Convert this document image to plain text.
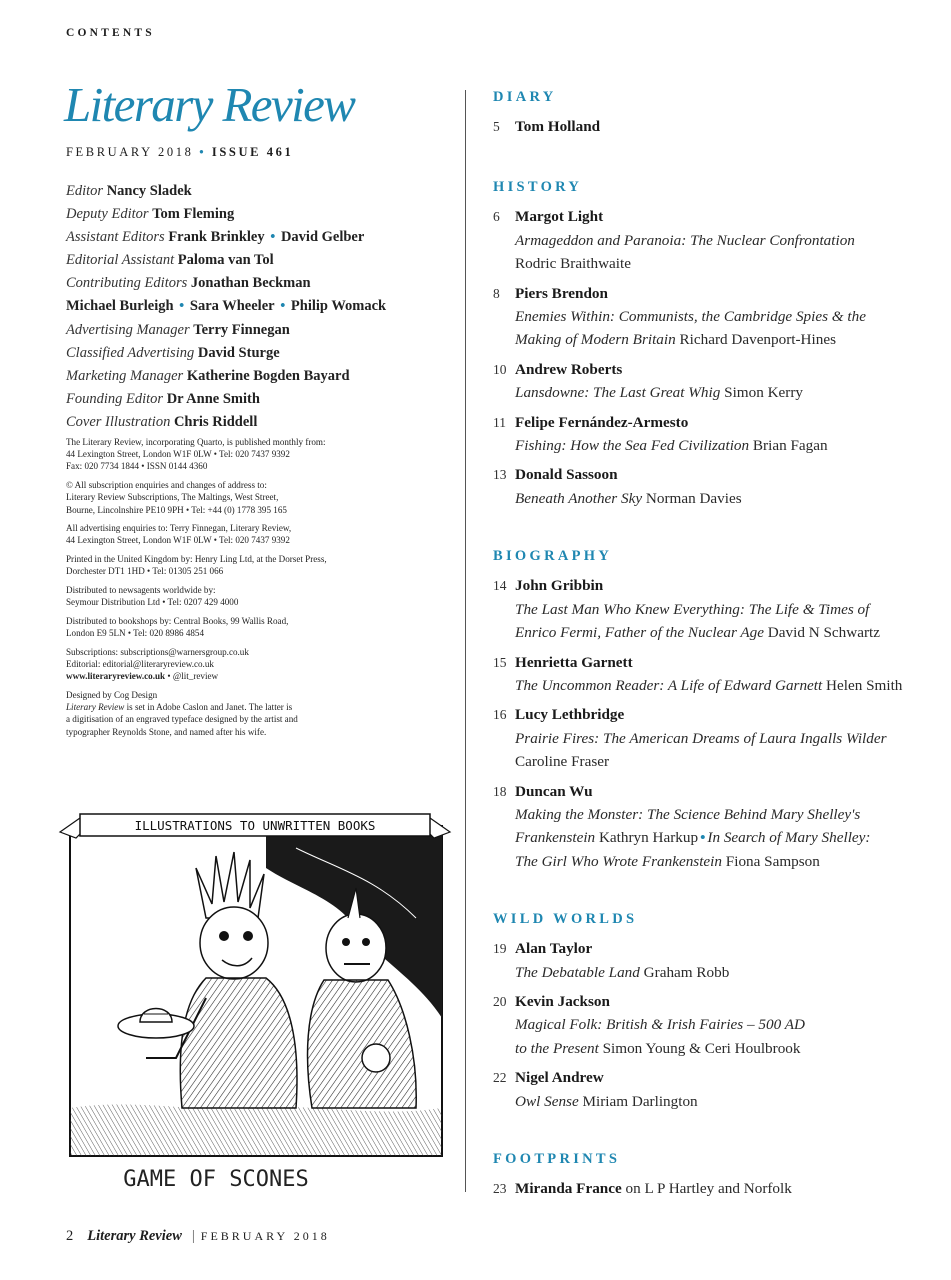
CONTENTS
Literary Review
FEBRUARY 2018 • ISSUE 461
Editor Nancy Sladek
Deputy Editor Tom Fleming
Assistant Editors Frank Brinkley • David Gelber
Editorial Assistant Paloma van Tol
Contributing Editors Jonathan Beckman
Michael Burleigh • Sara Wheeler • Philip Womack
Advertising Manager Terry Finnegan
Classified Advertising David Sturge
Marketing Manager Katherine Bogden Bayard
Founding Editor Dr Anne Smith
Cover Illustration Chris Riddell

The Literary Review, incorporating Quarto, is published monthly from:
44 Lexington Street, London W1F 0LW • Tel: 020 7437 9392
Fax: 020 7734 1844 • ISSN 0144 4360

© All subscription enquiries and changes of address to:
Literary Review Subscriptions, The Maltings, West Street,
Bourne, Lincolnshire PE10 9PH • Tel: +44 (0) 1778 395 165

All advertising enquiries to: Terry Finnegan, Literary Review,
44 Lexington Street, London W1F 0LW • Tel: 020 7437 9392

Printed in the United Kingdom by: Henry Ling Ltd, at the Dorset Press,
Dorchester DT1 1HD • Tel: 01305 251 066

Distributed to newsagents worldwide by:
Seymour Distribution Ltd • Tel: 0207 429 4000

Distributed to bookshops by: Central Books, 99 Wallis Road,
London E9 5LN • Tel: 020 8986 4854

Subscriptions: subscriptions@warnersgroup.co.uk
Editorial: editorial@literaryreview.co.uk
www.literaryreview.co.uk • @lit_review

Designed by Cog Design
Literary Review is set in Adobe Caslon and Janet. The latter is
a digitisation of an engraved typeface designed by the artist and
typographer Reynolds Stone, and named after his wife.

ILLUSTRATIONS TO UNWRITTEN BOOKS
GAME OF SCONES
DIARY
5 Tom Holland
HISTORY
6 Margot Light
Armageddon and Paranoia: The Nuclear Confrontation
Rodric Braithwaite
8 Piers Brendon
Enemies Within: Communists, the Cambridge Spies & the
Making of Modern Britain Richard Davenport-Hines
10 Andrew Roberts
Lansdowne: The Last Great Whig Simon Kerry
11 Felipe Fernández-Armesto
Fishing: How the Sea Fed Civilization Brian Fagan
13 Donald Sassoon
Beneath Another Sky Norman Davies
BIOGRAPHY
14 John Gribbin
The Last Man Who Knew Everything: The Life & Times of
Enrico Fermi, Father of the Nuclear Age David N Schwartz
15 Henrietta Garnett
The Uncommon Reader: A Life of Edward Garnett Helen Smith
16 Lucy Lethbridge
Prairie Fires: The American Dreams of Laura Ingalls Wilder
Caroline Fraser
18 Duncan Wu
Making the Monster: The Science Behind Mary Shelley's
Frankenstein Kathryn Harkup • In Search of Mary Shelley:
The Girl Who Wrote Frankenstein Fiona Sampson
WILD WORLDS
19 Alan Taylor
The Debatable Land Graham Robb
20 Kevin Jackson
Magical Folk: British & Irish Fairies – 500 AD
to the Present Simon Young & Ceri Houlbrook
22 Nigel Andrew
Owl Sense Miriam Darlington
FOOTPRINTS
23 Miranda France on L P Hartley and Norfolk
2 Literary Review | FEBRUARY 2018
